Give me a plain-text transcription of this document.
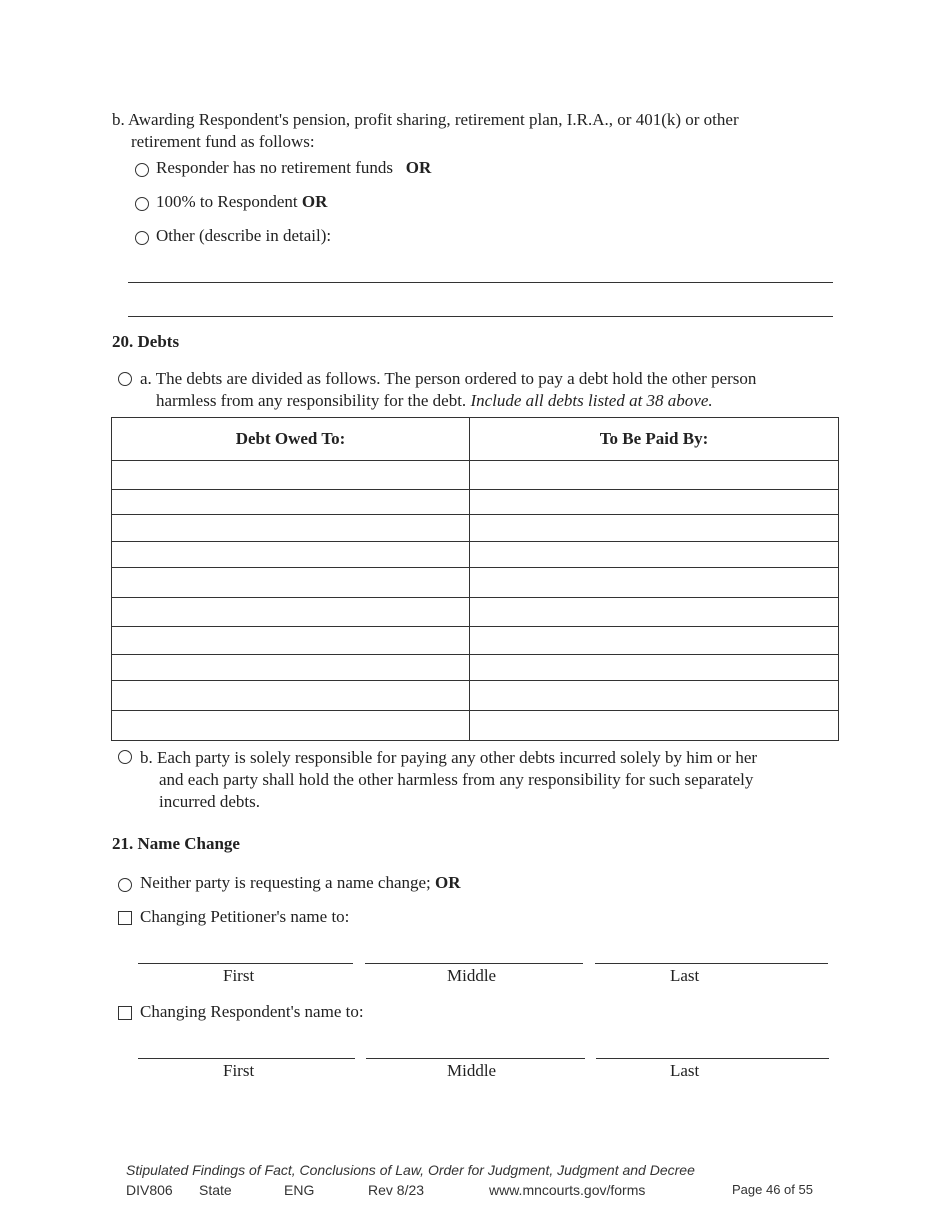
b. Awarding Respondent's pension, profit sharing, retirement plan, I.R.A., or 401(k) or other
retirement fund as follows:
Responder has no retirement funds OR
100% to Respondent OR
Other (describe in detail):
20. Debts
a. The debts are divided as follows. The person ordered to pay a debt hold the other person
harmless from any responsibility for the debt. Include all debts listed at 38 above.
Debt Owed To:	To Be Paid By:

b. Each party is solely responsible for paying any other debts incurred solely by him or her
and each party shall hold the other harmless from any responsibility for such separately
incurred debts.
21. Name Change
Neither party is requesting a name change; OR
Changing Petitioner's name to:
First	Middle	Last
Changing Respondent's name to:
First	Middle	Last
Stipulated Findings of Fact, Conclusions of Law, Order for Judgment, Judgment and Decree
DIV806 State	ENG	Rev 8/23	www.mncourts.gov/forms	Page 46 of 55
